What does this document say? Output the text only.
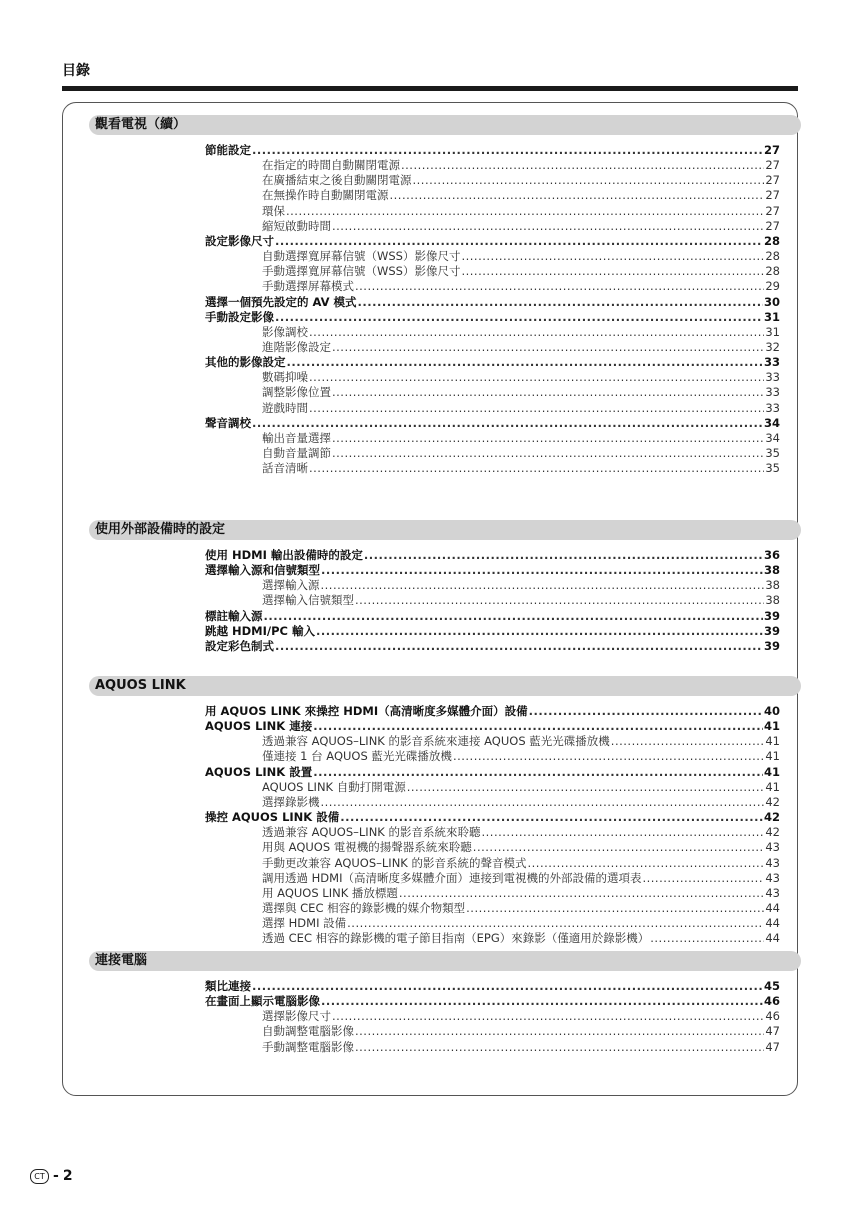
目錄
觀看電視（續）
節能設定 .....	27
在指定的時間自動關閉電源 .....	27
在廣播結束之後自動關閉電源 .....	27
在無操作時自動關閉電源 .....	27
環保 .....	27
縮短啟動時間 .....	27
設定影像尺寸 .....	28
自動選擇寬屏幕信號（WSS）影像尺寸 .....	28
手動選擇寬屏幕信號（WSS）影像尺寸 .....	28
手動選擇屏幕模式 .....	29
選擇一個預先設定的 AV 模式 .....	30
手動設定影像 .....	31
影像調校 .....	31
進階影像設定 .....	32
其他的影像設定 .....	33
數碼抑噪 .....	33
調整影像位置 .....	33
遊戲時間 .....	33
聲音調校 .....	34
輸出音量選擇 .....	34
自動音量調節 .....	35
話音清晰 .....	35
使用外部設備時的設定
使用 HDMI 輸出設備時的設定 .....	36
選擇輸入源和信號類型 .....	38
選擇輸入源 .....	38
選擇輸入信號類型 .....	38
標註輸入源 .....	39
跳越 HDMI/PC 輸入 .....	39
設定彩色制式 .....	39
AQUOS LINK
用 AQUOS LINK 來操控 HDMI（高清晰度多媒體介面）設備 .....	40
AQUOS LINK 連接 .....	41
透過兼容 AQUOS–LINK 的影音系統來連接 AQUOS 藍光光碟播放機 .....	41
僅連接 1 台 AQUOS 藍光光碟播放機 .....	41
AQUOS LINK 設置 .....	41
AQUOS LINK 自動打開電源 .....	41
選擇錄影機 .....	42
操控 AQUOS LINK 設備 .....	42
透過兼容 AQUOS–LINK 的影音系統來聆聽 .....	42
用與 AQUOS 電視機的揚聲器系統來聆聽 .....	43
手動更改兼容 AQUOS–LINK 的影音系統的聲音模式 .....	43
調用透過 HDMI（高清晰度多媒體介面）連接到電視機的外部設備的選項表 .....	43
用 AQUOS LINK 播放標題 .....	43
選擇與 CEC 相容的錄影機的媒介物類型 .....	44
選擇 HDMI 設備 .....	44
透過 CEC 相容的錄影機的電子節目指南（EPG）來錄影（僅適用於錄影機） .....	44
連接電腦
類比連接 .....	45
在畫面上顯示電腦影像 .....	46
選擇影像尺寸 .....	46
自動調整電腦影像 .....	47
手動調整電腦影像 .....	47
CT - 2
